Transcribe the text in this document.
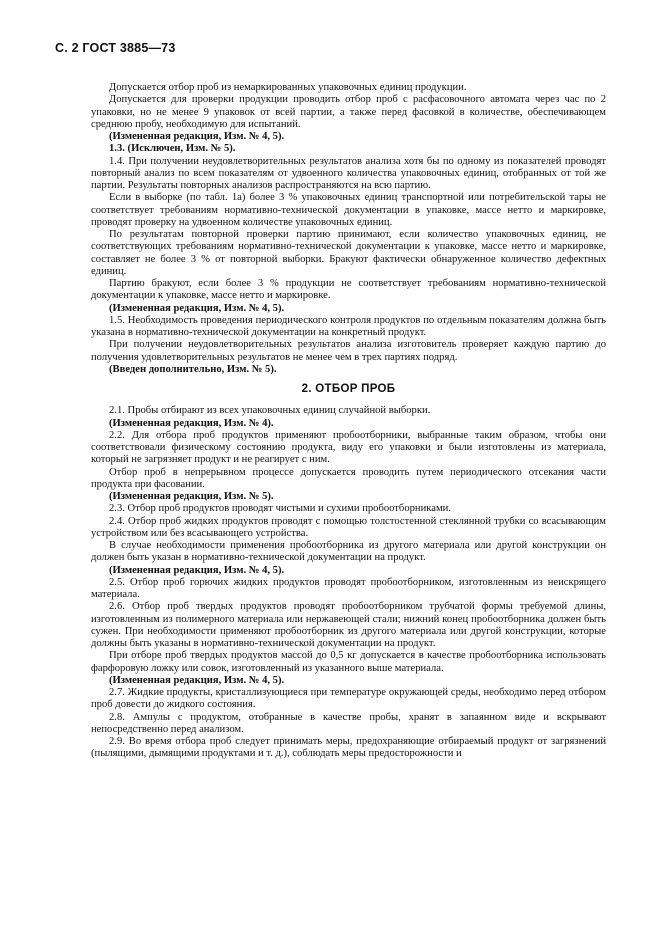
С. 2 ГОСТ 3885—73

Допускается отбор проб из немаркированных упаковочных единиц продукции.

Допускается для проверки продукции проводить отбор проб с расфасовочного автомата через час по 2 упаковки, но не менее 9 упаковок от всей партии, а также перед фасовкой в количестве, обеспечивающем среднюю пробу, необходимую для испытаний.

(Измененная редакция, Изм. № 4, 5).

1.3. (Исключен, Изм. № 5).

1.4. При получении неудовлетворительных результатов анализа хотя бы по одному из показателей проводят повторный анализ по всем показателям от удвоенного количества упаковочных единиц, отобранных от той же партии. Результаты повторных анализов распространяются на всю партию.

Если в выборке (по табл. 1а) более 3 % упаковочных единиц транспортной или потребительской тары не соответствует требованиям нормативно-технической документации в упаковке, массе нетто и маркировке, проводят проверку на удвоенном количестве упаковочных единиц.

По результатам повторной проверки партию принимают, если количество упаковочных единиц, не соответствующих требованиям нормативно-технической документации к упаковке, массе нетто и маркировке, составляет не более 3 % от повторной выборки. Бракуют фактически обнаруженное количество дефектных единиц.

Партию бракуют, если более 3 % продукции не соответствует требованиям нормативно-технической документации к упаковке, массе нетто и маркировке.

(Измененная редакция, Изм. № 4, 5).

1.5. Необходимость проведения периодического контроля продуктов по отдельным показателям должна быть указана в нормативно-технической документации на конкретный продукт.

При получении неудовлетворительных результатов анализа изготовитель проверяет каждую партию до получения удовлетворительных результатов не менее чем в трех партиях подряд.

(Введен дополнительно, Изм. № 5).

2. ОТБОР ПРОБ

2.1. Пробы отбирают из всех упаковочных единиц случайной выборки.

(Измененная редакция, Изм. № 4).

2.2. Для отбора проб продуктов применяют пробоотборники, выбранные таким образом, чтобы они соответствовали физическому состоянию продукта, виду его упаковки и были изготовлены из материала, который не загрязняет продукт и не реагирует с ним.

Отбор проб в непрерывном процессе допускается проводить путем периодического отсекания части продукта при фасовании.

(Измененная редакция, Изм. № 5).

2.3. Отбор проб продуктов проводят чистыми и сухими пробоотборниками.

2.4. Отбор проб жидких продуктов проводят с помощью толстостенной стеклянной трубки со всасывающим устройством или без всасывающего устройства.

В случае необходимости применения пробоотборника из другого материала или другой конструкции он должен быть указан в нормативно-технической документации на продукт.

(Измененная редакция, Изм. № 4, 5).

2.5. Отбор проб горючих жидких продуктов проводят пробоотборником, изготовленным из неискрящего материала.

2.6. Отбор проб твердых продуктов проводят пробоотборником трубчатой формы требуемой длины, изготовленным из полимерного материала или нержавеющей стали; нижний конец пробоотборника должен быть сужен. При необходимости применяют пробоотборник из другого материала или другой конструкции, которые должны быть указаны в нормативно-технической документации на продукт.

При отборе проб твердых продуктов массой до 0,5 кг допускается в качестве пробоотборника использовать фарфоровую ложку или совок, изготовленный из указанного выше материала.

(Измененная редакция, Изм. № 4, 5).

2.7. Жидкие продукты, кристаллизующиеся при температуре окружающей среды, необходимо перед отбором проб довести до жидкого состояния.

2.8. Ампулы с продуктом, отобранные в качестве пробы, хранят в запаянном виде и вскрывают непосредственно перед анализом.

2.9. Во время отбора проб следует принимать меры, предохраняющие отбираемый продукт от загрязнений (пылящими, дымящими продуктами и т. д.), соблюдать меры предосторожности и
